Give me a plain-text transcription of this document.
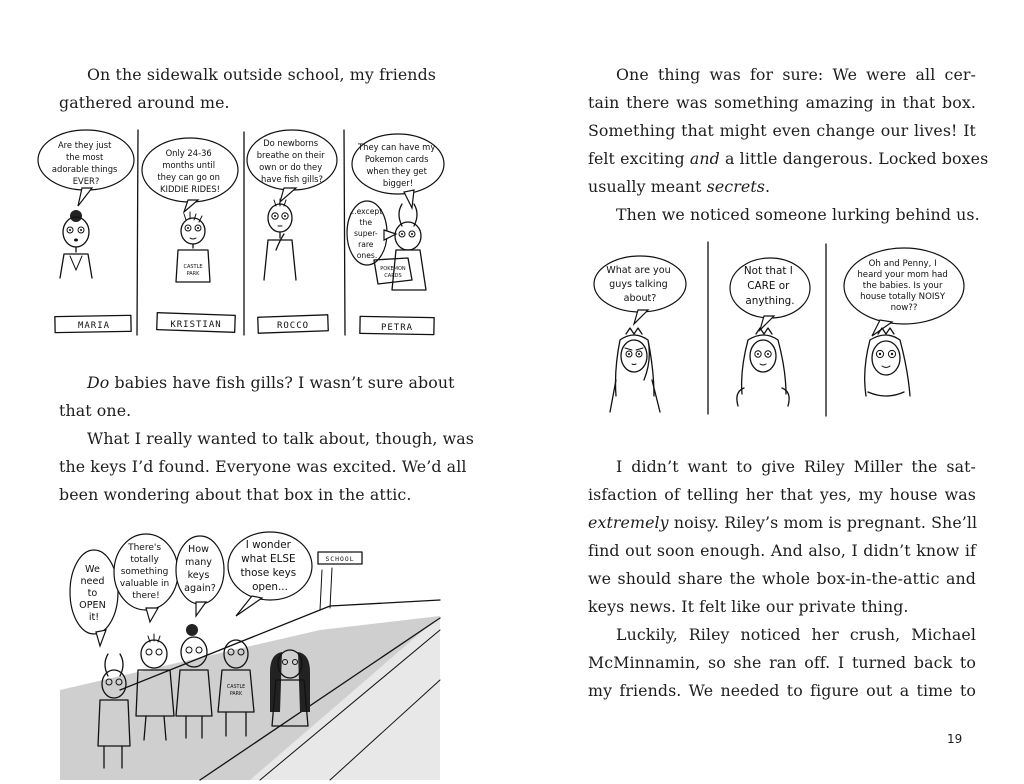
On the sidewalk outside school, my friends
gathered around me.

Are they just the most adorable things EVER?
MARIA
Only 24-36 months until they can go on KIDDIE RIDES!
CASTLE
PARK
KRISTIAN
Do newborns breathe on their own or do they have fish gills?
ROCCO
They can have my Pokemon cards when they get bigger!
...except the super- rare ones.
POKEMON
CARDS
PETRA

Do babies have fish gills? I wasn’t sure about
that one.

What I really wanted to talk about, though, was
the keys I’d found. Everyone was excited. We’d all
been wondering about that box in the attic.

SCHOOL
We need to OPEN it!
There's totally something valuable in there!
How many keys again?
I wonder what ELSE those keys open...
CASTLE
PARK

One thing was for sure: We were all cer-
tain there was something amazing in that box.
Something that might even change our lives! It
felt exciting and a little dangerous. Locked boxes
usually meant secrets.

Then we noticed someone lurking behind us.

What are you guys talking about?
Not that I CARE or anything.
Oh and Penny, I heard your mom had the babies. Is your house totally NOISY now??

I didn’t want to give Riley Miller the sat-
isfaction of telling her that yes, my house was
extremely noisy. Riley’s mom is pregnant. She’ll
find out soon enough. And also, I didn’t know if
we should share the whole box-in-the-attic and
keys news. It felt like our private thing.

Luckily, Riley noticed her crush, Michael
McMinnamin, so she ran off. I turned back to
my friends. We needed to figure out a time to

19
